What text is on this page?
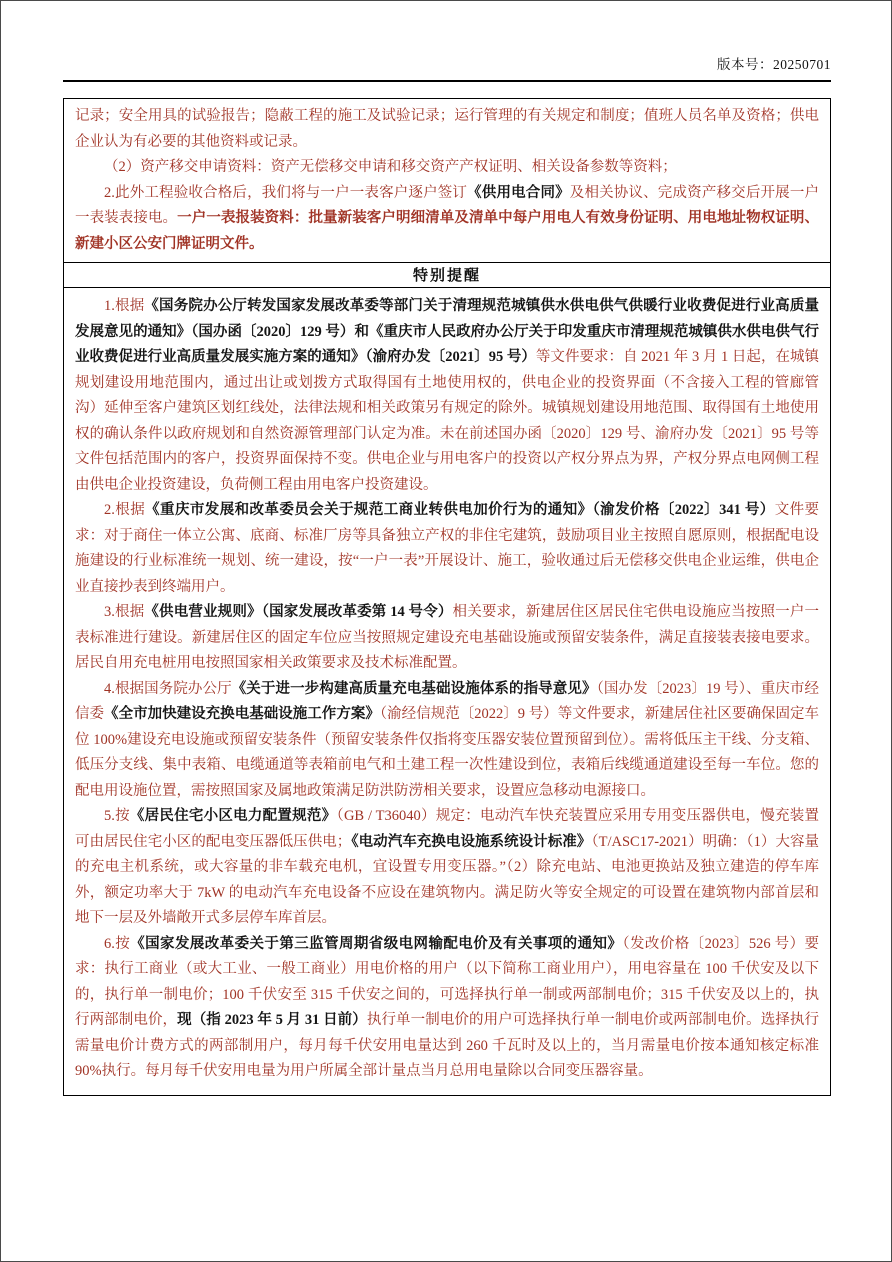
版本号：20250701

记录；安全用具的试验报告；隐蔽工程的施工及试验记录；运行管理的有关规定和制度；值班人员名单及资格；供电企业认为有必要的其他资料或记录。

（2）资产移交申请资料：资产无偿移交申请和移交资产产权证明、相关设备参数等资料；

2.此外工程验收合格后，我们将与一户一表客户逐户签订《供用电合同》及相关协议、完成资产移交后开展一户一表装表接电。一户一表报装资料：批量新装客户明细清单及清单中每户用电人有效身份证明、用电地址物权证明、新建小区公安门牌证明文件。

特别提醒

1.根据《国务院办公厅转发国家发展改革委等部门关于清理规范城镇供水供电供气供暖行业收费促进行业高质量发展意见的通知》（国办函〔2020〕129 号）和《重庆市人民政府办公厅关于印发重庆市清理规范城镇供水供电供气行业收费促进行业高质量发展实施方案的通知》（渝府办发〔2021〕95 号）等文件要求：自 2021 年 3 月 1 日起，在城镇规划建设用地范围内，通过出让或划拨方式取得国有土地使用权的，供电企业的投资界面（不含接入工程的管廊管沟）延伸至客户建筑区划红线处，法律法规和相关政策另有规定的除外。城镇规划建设用地范围、取得国有土地使用权的确认条件以政府规划和自然资源管理部门认定为准。未在前述国办函〔2020〕129 号、渝府办发〔2021〕95 号等文件包括范围内的客户，投资界面保持不变。供电企业与用电客户的投资以产权分界点为界，产权分界点电网侧工程由供电企业投资建设，负荷侧工程由用电客户投资建设。

2.根据《重庆市发展和改革委员会关于规范工商业转供电加价行为的通知》（渝发价格〔2022〕341 号）文件要求：对于商住一体立公寓、底商、标准厂房等具备独立产权的非住宅建筑，鼓励项目业主按照自愿原则，根据配电设施建设的行业标准统一规划、统一建设，按“一户一表”开展设计、施工，验收通过后无偿移交供电企业运维，供电企业直接抄表到终端用户。

3.根据《供电营业规则》（国家发展改革委第 14 号令）相关要求，新建居住区居民住宅供电设施应当按照一户一表标准进行建设。新建居住区的固定车位应当按照规定建设充电基础设施或预留安装条件，满足直接装表接电要求。居民自用充电桩用电按照国家相关政策要求及技术标准配置。

4.根据国务院办公厅《关于进一步构建高质量充电基础设施体系的指导意见》（国办发〔2023〕19 号）、重庆市经信委《全市加快建设充换电基础设施工作方案》（渝经信规范〔2022〕9 号）等文件要求，新建居住社区要确保固定车位 100%建设充电设施或预留安装条件（预留安装条件仅指将变压器安装位置预留到位）。需将低压主干线、分支箱、低压分支线、集中表箱、电缆通道等表箱前电气和土建工程一次性建设到位，表箱后线缆通道建设至每一车位。您的配电用设施位置，需按照国家及属地政策满足防洪防涝相关要求，设置应急移动电源接口。

5.按《居民住宅小区电力配置规范》（GB / T36040）规定：电动汽车快充装置应采用专用变压器供电，慢充装置可由居民住宅小区的配电变压器低压供电；《电动汽车充换电设施系统设计标准》（T/ASC17-2021）明确：（1）大容量的充电主机系统，或大容量的非车载充电机，宜设置专用变压器。”（2）除充电站、电池更换站及独立建造的停车库外，额定功率大于 7kW 的电动汽车充电设备不应设在建筑物内。满足防火等安全规定的可设置在建筑物内部首层和地下一层及外墙敞开式多层停车库首层。

6.按《国家发展改革委关于第三监管周期省级电网输配电价及有关事项的通知》（发改价格〔2023〕526 号）要求：执行工商业（或大工业、一般工商业）用电价格的用户（以下简称工商业用户），用电容量在 100 千伏安及以下的，执行单一制电价；100 千伏安至 315 千伏安之间的，可选择执行单一制或两部制电价；315 千伏安及以上的，执行两部制电价，现（指 2023 年 5 月 31 日前）执行单一制电价的用户可选择执行单一制电价或两部制电价。选择执行需量电价计费方式的两部制用户，每月每千伏安用电量达到 260 千瓦时及以上的，当月需量电价按本通知核定标准 90%执行。每月每千伏安用电量为用户所属全部计量点当月总用电量除以合同变压器容量。
